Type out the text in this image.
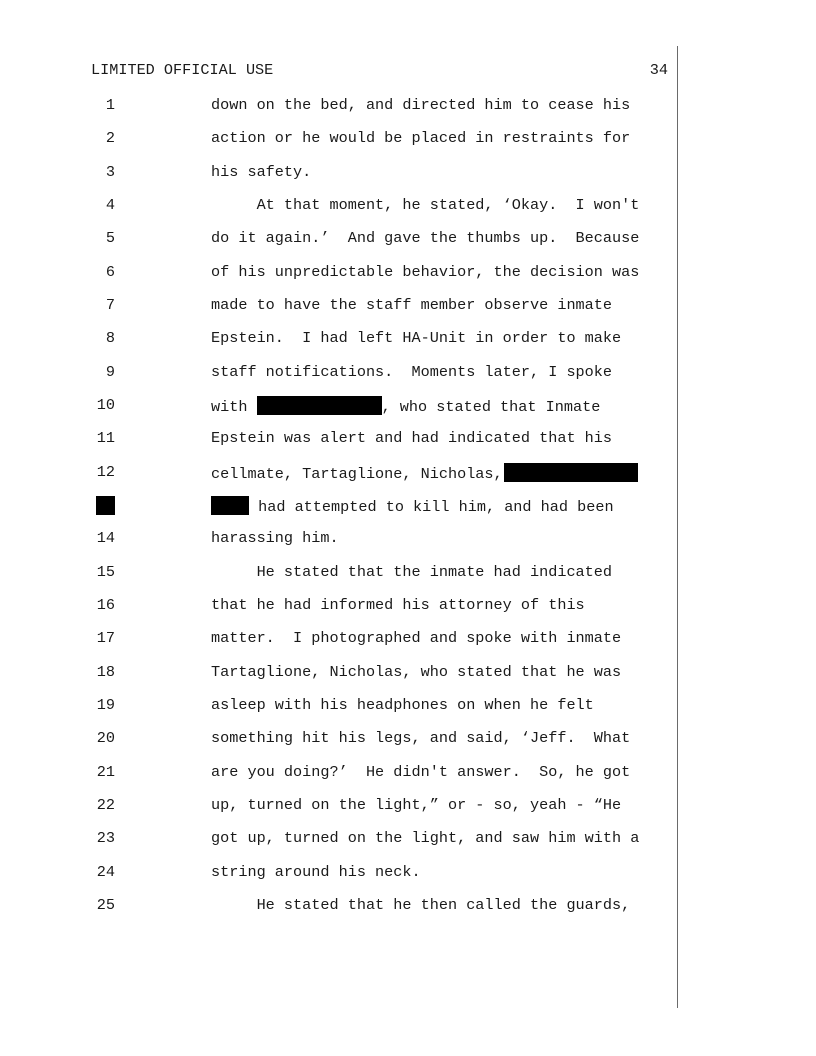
LIMITED OFFICIAL USE	34
1	down on the bed, and directed him to cease his
2	action or he would be placed in restraints for
3	his safety.
4	At that moment, he stated, ‘Okay.  I won't
5	do it again.’  And gave the thumbs up.  Because
6	of his unpredictable behavior, the decision was
7	made to have the staff member observe inmate
8	Epstein.  I had left HA-Unit in order to make
9	staff notifications.  Moments later, I spoke
10	with	, who stated that Inmate
11	Epstein was alert and had indicated that his
12	cellmate, Tartaglione, Nicholas,
had attempted to kill him, and had been
14	harassing him.
15	He stated that the inmate had indicated
16	that he had informed his attorney of this
17	matter.  I photographed and spoke with inmate
18	Tartaglione, Nicholas, who stated that he was
19	asleep with his headphones on when he felt
20	something hit his legs, and said, ‘Jeff.  What
21	are you doing?’  He didn't answer.  So, he got
22	up, turned on the light,” or - so, yeah - “He
23	got up, turned on the light, and saw him with a
24	string around his neck.
25	He stated that he then called the guards,
